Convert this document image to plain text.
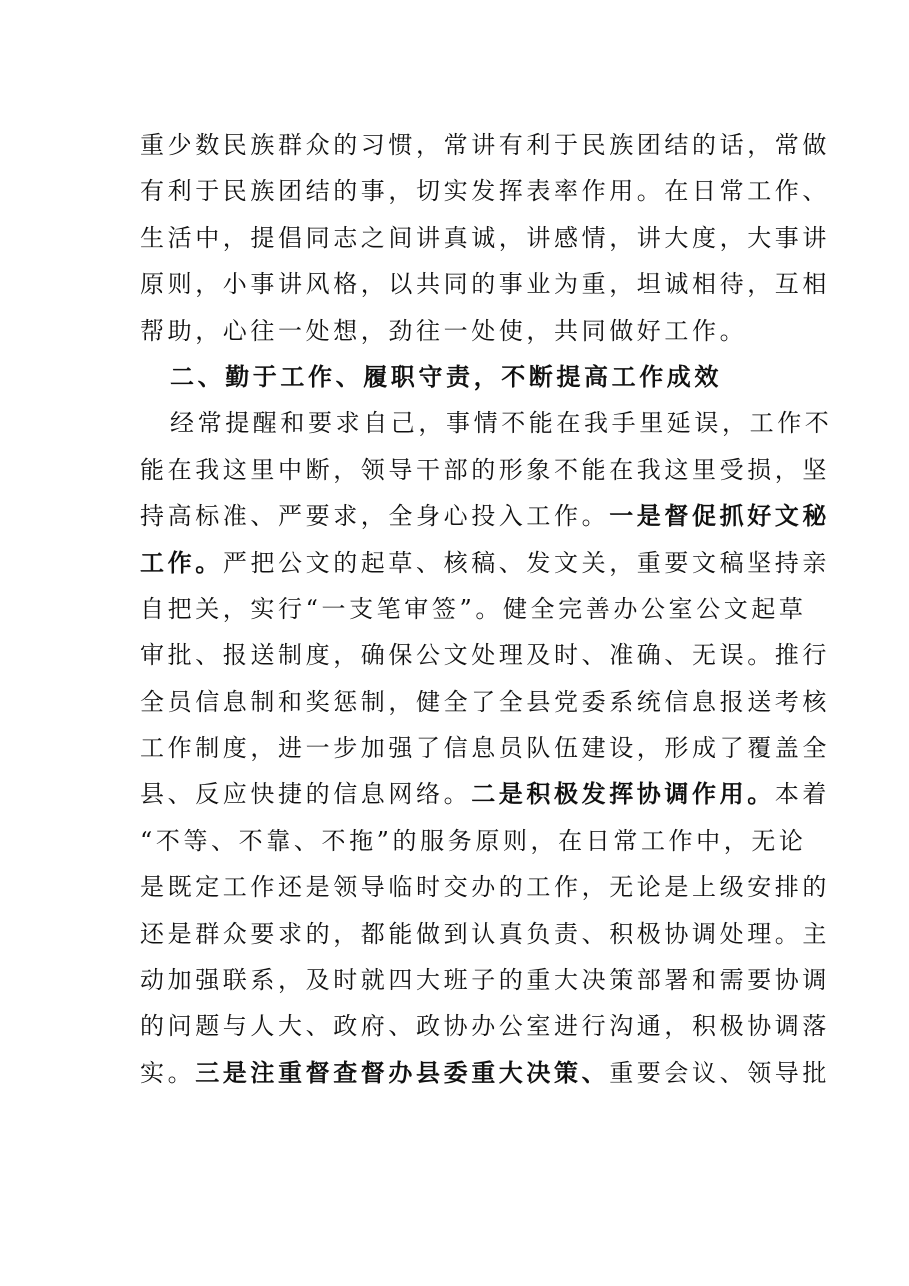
重少数民族群众的习惯，常讲有利于民族团结的话，常做
有利于民族团结的事，切实发挥表率作用。在日常工作、
生活中，提倡同志之间讲真诚，讲感情，讲大度，大事讲
原则，小事讲风格，以共同的事业为重，坦诚相待，互相
帮助，心往一处想，劲往一处使，共同做好工作。
二、勤于工作、履职守责，不断提高工作成效
经常提醒和要求自己，事情不能在我手里延误，工作不
能在我这里中断，领导干部的形象不能在我这里受损，坚
持高标准、严要求，全身心投入工作。一是督促抓好文秘
工作。严把公文的起草、核稿、发文关，重要文稿坚持亲
自把关，实行“一支笔审签”。健全完善办公室公文起草
审批、报送制度，确保公文处理及时、准确、无误。推行
全员信息制和奖惩制，健全了全县党委系统信息报送考核
工作制度，进一步加强了信息员队伍建设，形成了覆盖全
县、反应快捷的信息网络。二是积极发挥协调作用。本着
“不等、不靠、不拖”的服务原则，在日常工作中，无论
是既定工作还是领导临时交办的工作，无论是上级安排的
还是群众要求的，都能做到认真负责、积极协调处理。主
动加强联系，及时就四大班子的重大决策部署和需要协调
的问题与人大、政府、政协办公室进行沟通，积极协调落
实。三是注重督查督办县委重大决策、重要会议、领导批
